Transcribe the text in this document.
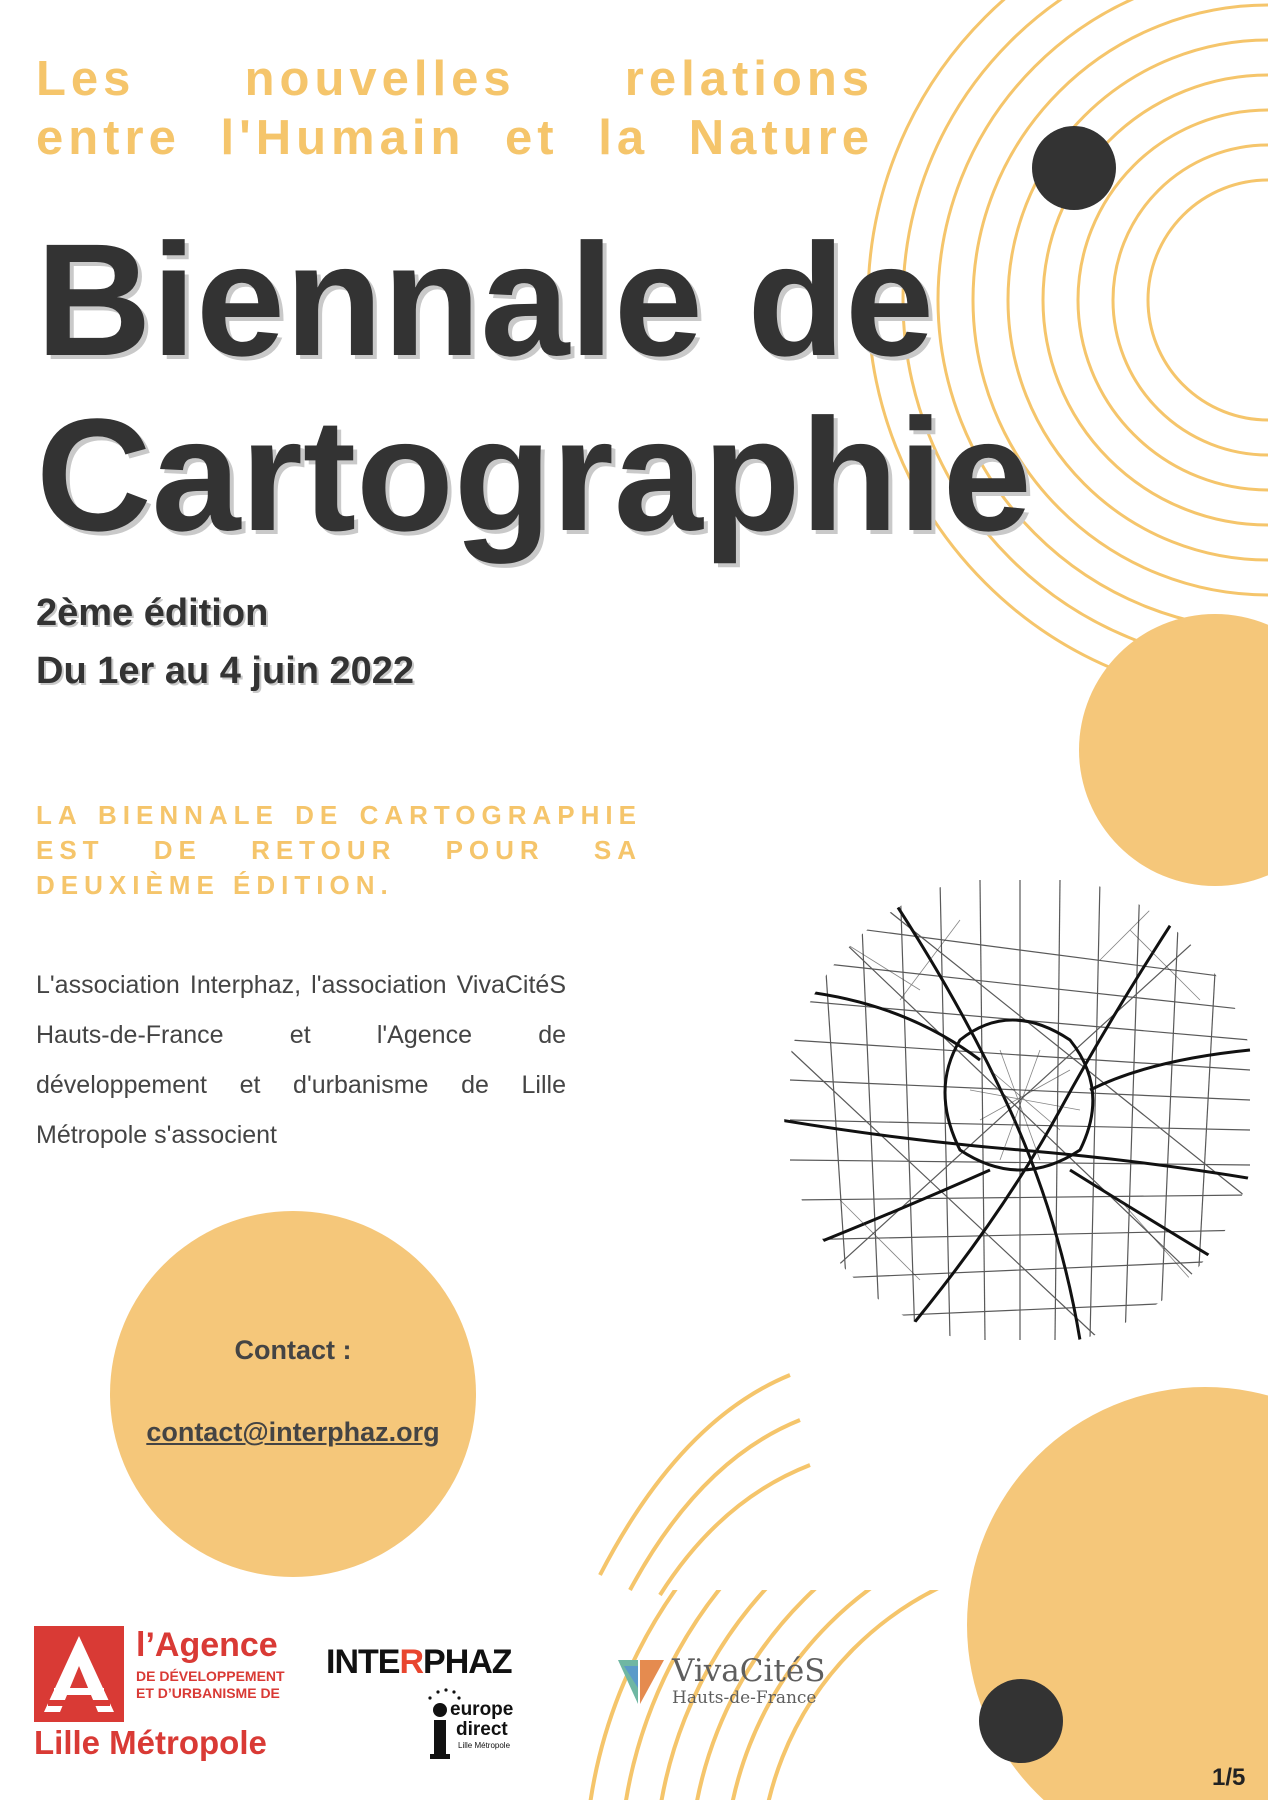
Les nouvelles relations
entre l'Humain et la Nature
Biennale de
Cartographie
2ème édition
Du 1er au 4 juin 2022
LA BIENNALE DE CARTOGRAPHIE EST DE RETOUR POUR SA DEUXIÈME ÉDITION.
L'association Interphaz, l'association VivaCitéS Hauts-de-France et l'Agence de développement et d'urbanisme de Lille Métropole s'associent
Contact :
contact@interphaz.org
l’Agence
DE DÉVELOPPEMENT
ET D’URBANISME DE
Lille Métropole
INTERPHAZ
europe
direct
Lille Métropole
VivaCitéS
Hauts-de-France
1/5
